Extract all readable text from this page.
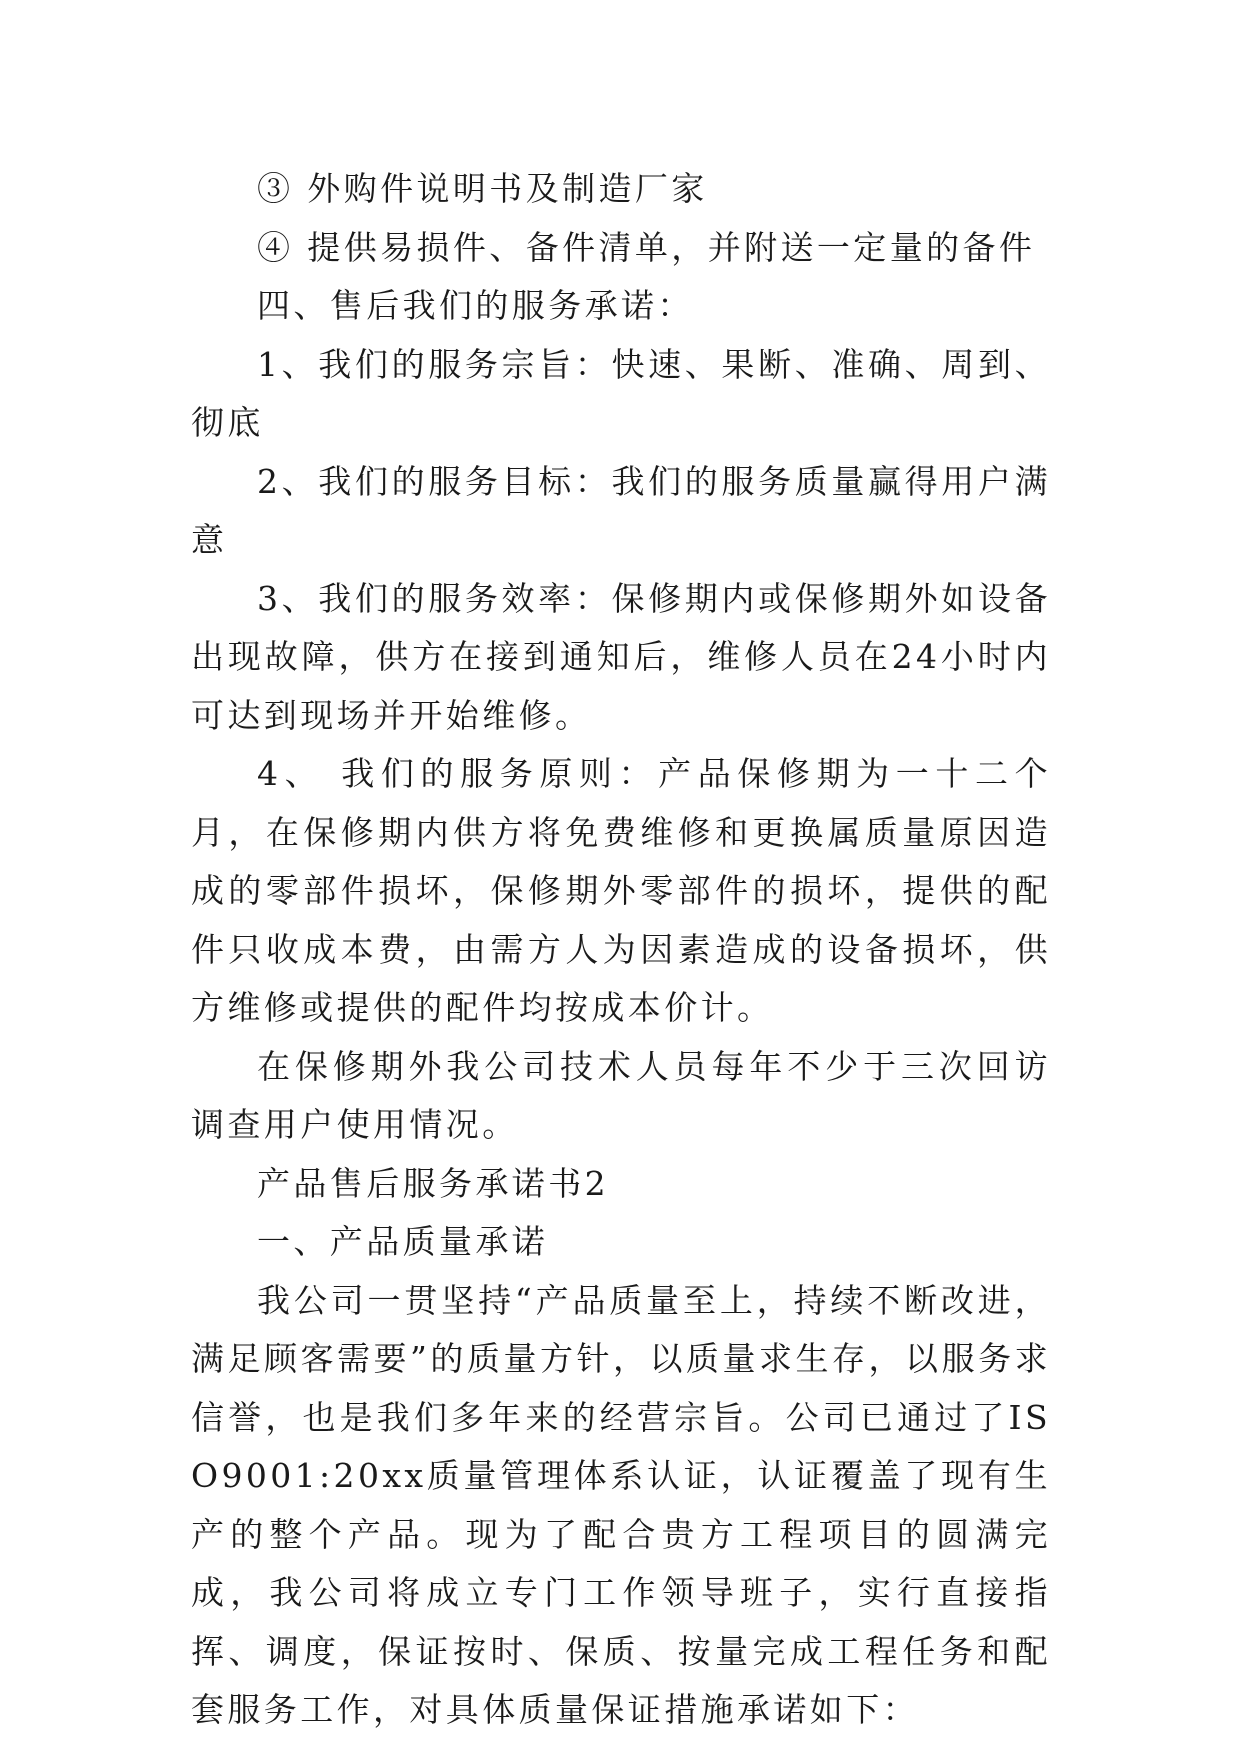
③ 外购件说明书及制造厂家

④ 提供易损件、备件清单，并附送一定量的备件

四、售后我们的服务承诺：

1、我们的服务宗旨：快速、果断、准确、周到、彻底

2、我们的服务目标：我们的服务质量赢得用户满意

3、我们的服务效率：保修期内或保修期外如设备出现故障，供方在接到通知后，维修人员在24小时内可达到现场并开始维修。

4、 我们的服务原则：产品保修期为一十二个月，在保修期内供方将免费维修和更换属质量原因造成的零部件损坏，保修期外零部件的损坏，提供的配件只收成本费，由需方人为因素造成的设备损坏，供方维修或提供的配件均按成本价计。

在保修期外我公司技术人员每年不少于三次回访调查用户使用情况。

产品售后服务承诺书2

一、产品质量承诺

我公司一贯坚持“产品质量至上，持续不断改进，满足顾客需要”的质量方针，以质量求生存，以服务求信誉，也是我们多年来的经营宗旨。公司已通过了ISO9001:20xx质量管理体系认证，认证覆盖了现有生产的整个产品。现为了配合贵方工程项目的圆满完成，我公司将成立专门工作领导班子，实行直接指挥、调度，保证按时、保质、按量完成工程任务和配套服务工作，对具体质量保证措施承诺如下：
